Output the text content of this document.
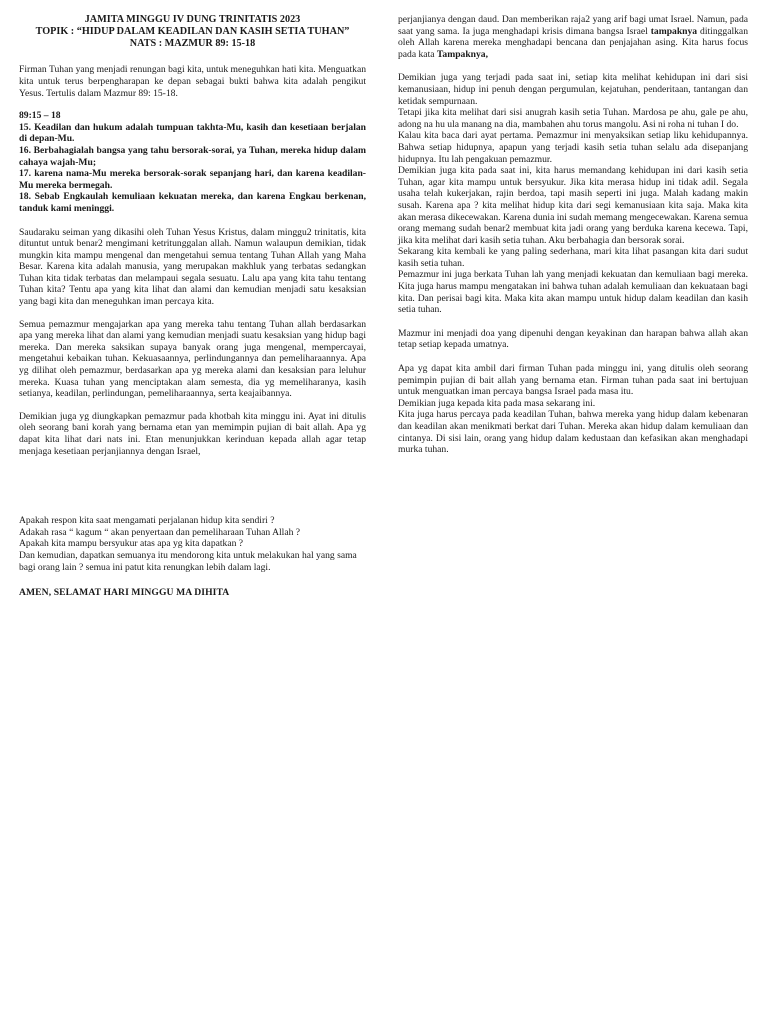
JAMITA MINGGU IV DUNG TRINITATIS 2023
TOPIK : “HIDUP DALAM KEADILAN DAN KASIH SETIA TUHAN”
NATS : MAZMUR 89: 15-18

Firman Tuhan yang menjadi renungan bagi kita, untuk meneguhkan hati kita. Menguatkan kita untuk terus berpengharapan ke depan sebagai bukti bahwa kita adalah pengikut Yesus. Tertulis dalam Mazmur 89: 15-18.

89:15 – 18

15. Keadilan dan hukum adalah tumpuan takhta-Mu, kasih dan kesetiaan berjalan di depan-Mu.

16. Berbahagialah bangsa yang tahu bersorak-sorai, ya Tuhan, mereka hidup dalam cahaya wajah-Mu;

17. karena nama-Mu mereka bersorak-sorak sepanjang hari, dan karena keadilan-Mu mereka bermegah.

18. Sebab Engkaulah kemuliaan kekuatan mereka, dan karena Engkau berkenan, tanduk kami meninggi.

Saudaraku seiman yang dikasihi oleh Tuhan Yesus Kristus, dalam minggu2 trinitatis, kita dituntut untuk benar2 mengimani ketritunggalan allah. Namun walaupun demikian, tidak mungkin kita mampu mengenal dan mengetahui semua tentang Tuhan Allah yang Maha Besar. Karena kita adalah manusia, yang merupakan makhluk yang terbatas sedangkan Tuhan kita tidak terbatas dan melampaui segala sesuatu. Lalu apa yang kita tahu tentang Tuhan kita? Tentu apa yang kita lihat dan alami dan kemudian menjadi satu kesaksian yang bagi kita dan meneguhkan iman percaya kita.

Semua pemazmur mengajarkan apa yang mereka tahu tentang Tuhan allah berdasarkan apa yang mereka lihat dan alami yang kemudian menjadi suatu kesaksian yang hidup bagi mereka. Dan mereka saksikan supaya banyak orang juga mengenal, mempercayai, mengetahui kebaikan tuhan. Kekuasaannya, perlindungannya dan pemeliharaannya. Apa yg dilihat oleh pemazmur, berdasarkan apa yg mereka alami dan kesaksian para leluhur mereka. Kuasa tuhan yang menciptakan alam semesta, dia yg memeliharanya, kasih setianya, keadilan, perlindungan, pemeliharaannya, serta keajaibannya.

Demikian juga yg diungkapkan pemazmur pada khotbah kita minggu ini. Ayat ini ditulis oleh seorang bani korah yang bernama etan yan memimpin pujian di bait allah. Apa yg dapat kita lihat dari nats ini. Etan menunjukkan kerinduan kepada allah agar tetap menjaga kesetiaan perjanjiannya dengan Israel,

Apakah respon kita saat mengamati perjalanan hidup kita sendiri ?

Adakah rasa “ kagum “ akan penyertaan dan pemeliharaan Tuhan Allah ?

Apakah kita mampu bersyukur atas apa yg kita dapatkan ?

Dan kemudian, dapatkan semuanya itu mendorong kita untuk melakukan hal yang sama bagi orang lain ? semua ini patut kita renungkan lebih dalam lagi.

AMEN, SELAMAT HARI MINGGU MA DIHITA

perjanjianya dengan daud. Dan memberikan raja2 yang arif bagi umat Israel. Namun, pada saat yang sama. Ia juga menghadapi krisis dimana bangsa Israel tampaknya ditinggalkan oleh Allah karena mereka menghadapi bencana dan penjajahan asing. Kita harus focus pada kata Tampaknya,

Demikian juga yang terjadi pada saat ini, setiap kita melihat kehidupan ini dari sisi kemanusiaan, hidup ini penuh dengan pergumulan, kejatuhan, penderitaan, tantangan dan ketidak sempurnaan.

Tetapi jika kita melihat dari sisi anugrah kasih setia Tuhan. Mardosa pe ahu, gale pe ahu, adong na hu ula manang na dia, mambahen ahu torus mangolu. Asi ni roha ni tuhan I do.

Kalau kita baca dari ayat pertama. Pemazmur ini menyaksikan setiap liku kehidupannya. Bahwa setiap hidupnya, apapun yang terjadi kasih setia tuhan selalu ada disepanjang hidupnya. Itu lah pengakuan pemazmur.

Demikian juga kita pada saat ini, kita harus memandang kehidupan ini dari kasih setia Tuhan, agar kita mampu untuk bersyukur. Jika kita merasa hidup ini tidak adil. Segala usaha telah kukerjakan, rajin berdoa, tapi masih seperti ini juga. Malah kadang makin susah. Karena apa ? kita melihat hidup kita dari segi kemanusiaan kita saja. Maka kita akan merasa dikecewakan. Karena dunia ini sudah memang mengecewakan. Karena semua orang memang sudah benar2 membuat kita jadi orang yang berduka karena kecewa. Tapi, jika kita melihat dari kasih setia tuhan. Aku berbahagia dan bersorak sorai.

Sekarang kita kembali ke yang paling sederhana, mari kita lihat pasangan kita dari sudut kasih setia tuhan.

Pemazmur ini juga berkata Tuhan lah yang menjadi kekuatan dan kemuliaan bagi mereka. Kita juga harus mampu mengatakan ini bahwa tuhan adalah kemuliaan dan kekuataan bagi kita. Dan perisai bagi kita. Maka kita akan mampu untuk hidup dalam keadilan dan kasih setia tuhan.

Mazmur ini menjadi doa yang dipenuhi dengan keyakinan dan harapan bahwa allah akan tetap setiap kepada umatnya.

Apa yg dapat kita ambil dari firman Tuhan pada minggu ini, yang ditulis oleh seorang pemimpin pujian di bait allah yang bernama etan. Firman tuhan pada saat ini bertujuan untuk menguatkan iman percaya bangsa Israel pada masa itu.

Demikian juga kepada kita pada masa sekarang ini.

Kita juga harus percaya pada keadilan Tuhan, bahwa mereka yang hidup dalam kebenaran dan keadilan akan menikmati berkat dari Tuhan. Mereka akan hidup dalam kemuliaan dan cintanya. Di sisi lain, orang yang hidup dalam kedustaan dan kefasikan akan menghadapi murka tuhan.
